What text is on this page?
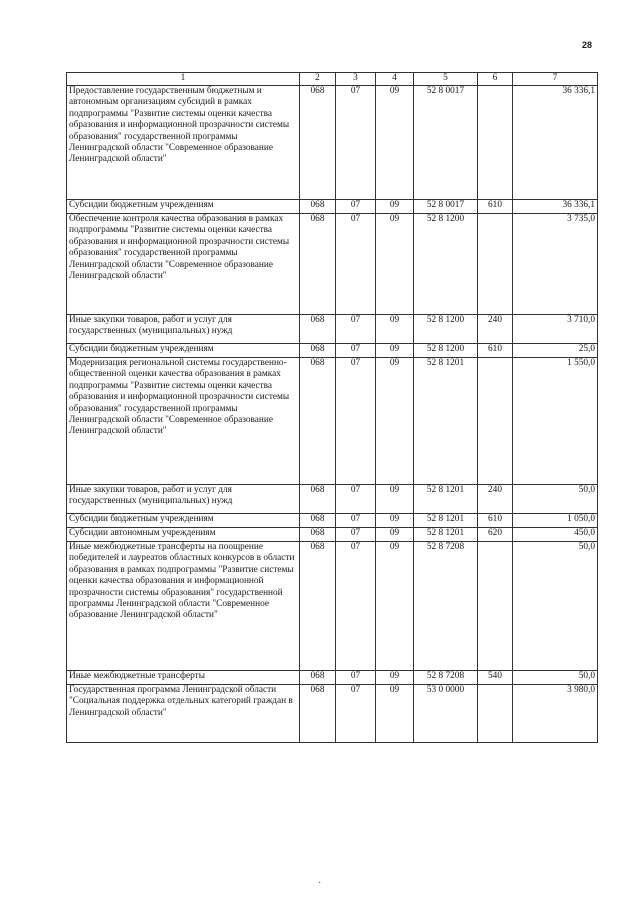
28
1	2	3	4	5	6	7
Предоставление государственным бюджетным и автономным организациям субсидий в рамках подпрограммы "Развитие системы оценки качества образования и информационной прозрачности системы образования" государственной программы Ленинградской области "Современное образование Ленинградской области"	068	07	09	52 8 0017		36 336,1
Субсидии бюджетным учреждениям	068	07	09	52 8 0017	610	36 336,1
Обеспечение контроля качества образования в рамках подпрограммы "Развитие системы оценки качества образования и информационной прозрачности системы образования" государственной программы Ленинградской области "Современное образование Ленинградской области"	068	07	09	52 8 1200		3 735,0
Иные закупки товаров, работ и услуг для государственных (муниципальных) нужд	068	07	09	52 8 1200	240	3 710,0
Субсидии бюджетным учреждениям	068	07	09	52 8 1200	610	25,0
Модернизация региональной системы государственно-общественной оценки качества образования в рамках подпрограммы "Развитие системы оценки качества образования и информационной прозрачности системы образования" государственной программы Ленинградской области "Современное образование Ленинградской области"	068	07	09	52 8 1201		1 550,0
Иные закупки товаров, работ и услуг для государственных (муниципальных) нужд	068	07	09	52 8 1201	240	50,0
Субсидии бюджетным учреждениям	068	07	09	52 8 1201	610	1 050,0
Субсидии автономным учреждениям	068	07	09	52 8 1201	620	450,0
Иные межбюджетные трансферты на поощрение победителей и лауреатов областных конкурсов в области образования в рамках подпрограммы "Развитие системы оценки качества образования и информационной прозрачности системы образования" государственной программы Ленинградской области "Современное образование Ленинградской области"	068	07	09	52 8 7208		50,0
Иные межбюджетные трансферты	068	07	09	52 8 7208	540	50,0
Государственная программа Ленинградской области "Социальная поддержка отдельных категорий граждан в Ленинградской области"	068	07	09	53 0 0000		3 980,0
·
